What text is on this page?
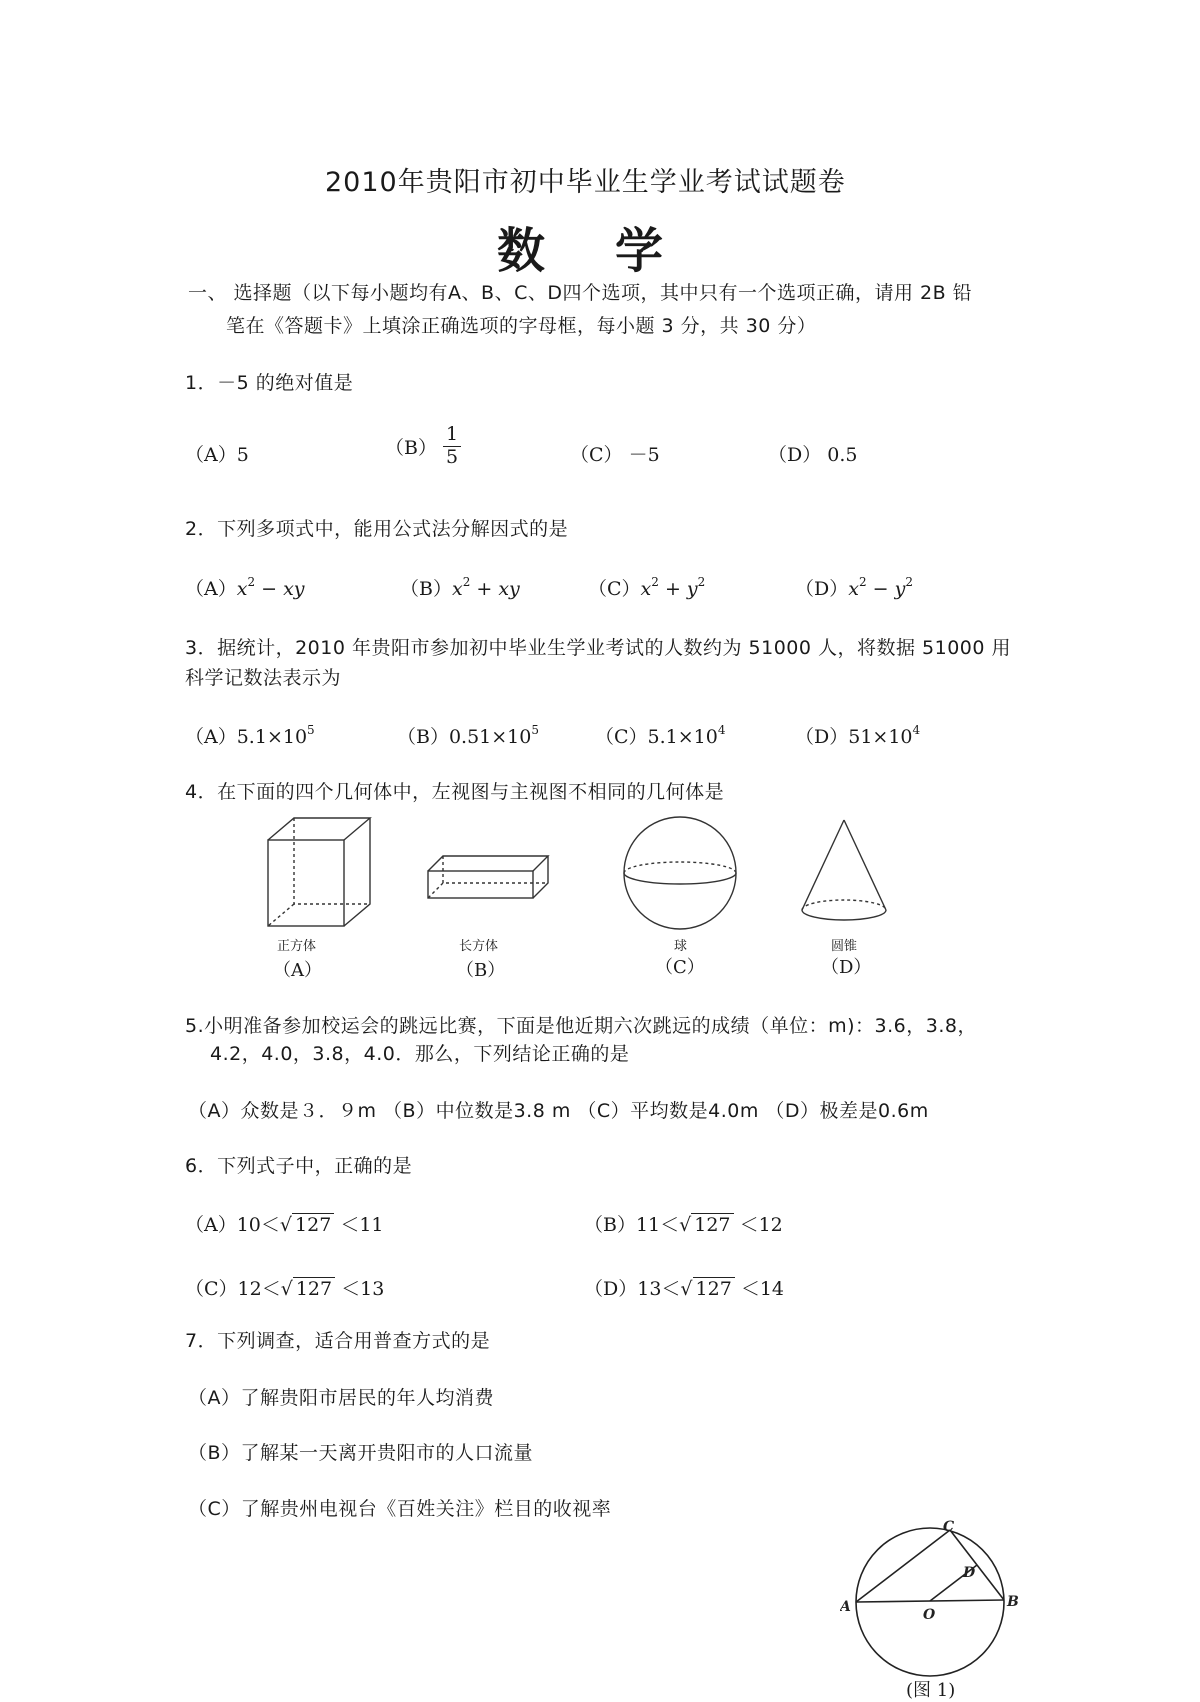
2010年贵阳市初中毕业生学业考试试题卷
数学
一、 选择题（以下每小题均有A、B、C、D四个选项，其中只有一个选项正确，请用 2B 铅
笔在《答题卡》上填涂正确选项的字母框，每小题 3 分，共 30 分）
1．－5 的绝对值是
（A）5	$(B) \frac{1}{5}$	（C） －5	（D） 0.5
2．下列多项式中，能用公式法分解因式的是
$(A)x^2$ − xy	$(B)x^2$ + xy	$(C)x^2 + y^2$	$(D)x^2 - y^2$
3．据统计，2010 年贵阳市参加初中毕业生学业考试的人数约为 51000 人，将数据 51000 用
科学记数法表示为
$(A)5.1\times 10^5$	$(B)0.51\times 10^5$	$(C)5.1\times 10^4$	$(D)51\times 10^4$
4．在下面的四个几何体中，左视图与主视图不相同的几何体是
正方体
（A）
长方体
（B）
球
（C）
圆锥
（D）
5.小明准备参加校运会的跳远比赛，下面是他近期六次跳远的成绩（单位：m)：3.6，3.8，
4.2，4.0，3.8，4.0．那么，下列结论正确的是
（A）众数是３．９m （B）中位数是3.8 m （C）平均数是4.0m （D）极差是0.6m
6．下列式子中，正确的是
（A）10＜√ 127 ＜11	（B）11＜√ 127 ＜12
（C）12＜√ 127 ＜13	（D）13＜√ 127 ＜14
7．下列调查，适合用普查方式的是
（A）了解贵阳市居民的年人均消费
（B）了解某一天离开贵阳市的人口流量
（C）了解贵州电视台《百姓关注》栏目的收视率
C
D
A	B
O
(图 1)
